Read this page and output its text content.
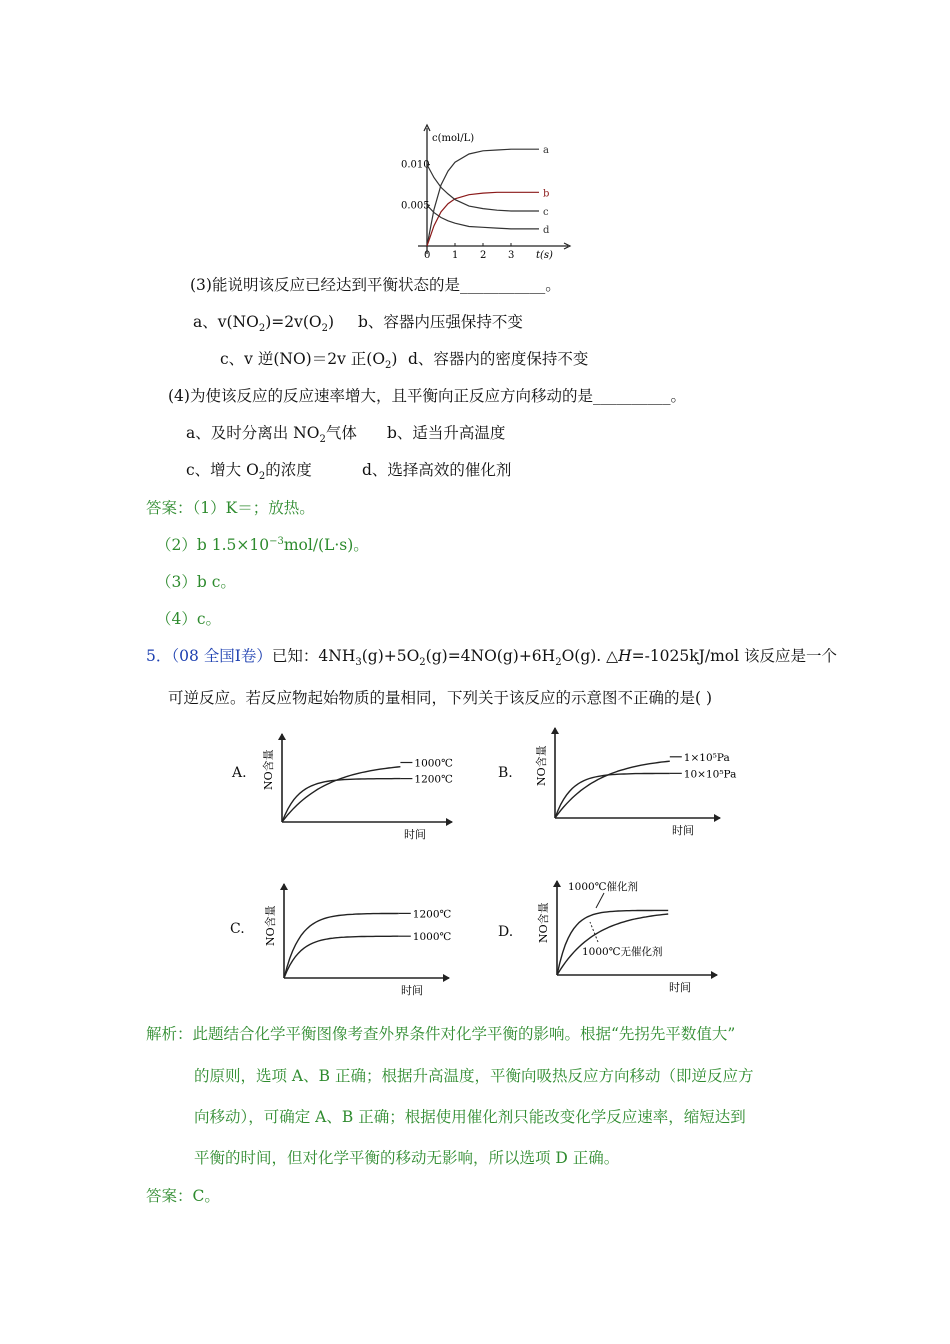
c(mol/L)
t(s)
0 1 2 3
0.005
0.010
a
b
c
d
NO含量
时间
1000℃
1200℃	NO含量
时间
1×10⁵Pa
10×10⁵Pa
NO含量
时间
1200℃
1000℃	NO含量
时间
1000℃催化剂
1000℃无催化剂
(3)能说明该反应已经达到平衡状态的是___________。
a、$v(NO_2)=2v(O_2)$ b、容器内压强保持不变
c、v 逆(NO)＝2v 正$(O_2)$ d、容器内的密度保持不变
(4)为使该反应的反应速率增大，且平衡向正反应方向移动的是__________。
a、及时分离出 $NO_2$气体 b、适当升高温度
c、增大 $O_2$的浓度	d、选择高效的催化剂
答案：（1）K＝；放热。
（2）b $1.5\times 10^{-3}mol/(L\cdot s)$。
（3）b c。
（4）c。
5．（08 全国Ⅰ卷）已知：$4NH_3(g)+5O_2(g)=4NO(g)+6H_2O(g)$. △H=-1025kJ/mol 该反应是一个
可逆反应。若反应物起始物质的量相同，下列关于该反应的示意图不正确的是( )
A.	B.
C.	D.
解析：此题结合化学平衡图像考查外界条件对化学平衡的影响。根据“先拐先平数值大”
的原则，选项 A、B 正确；根据升高温度，平衡向吸热反应方向移动（即逆反应方
向移动），可确定 A、B 正确；根据使用催化剂只能改变化学反应速率，缩短达到
平衡的时间，但对化学平衡的移动无影响，所以选项 D 正确。
答案：C。
